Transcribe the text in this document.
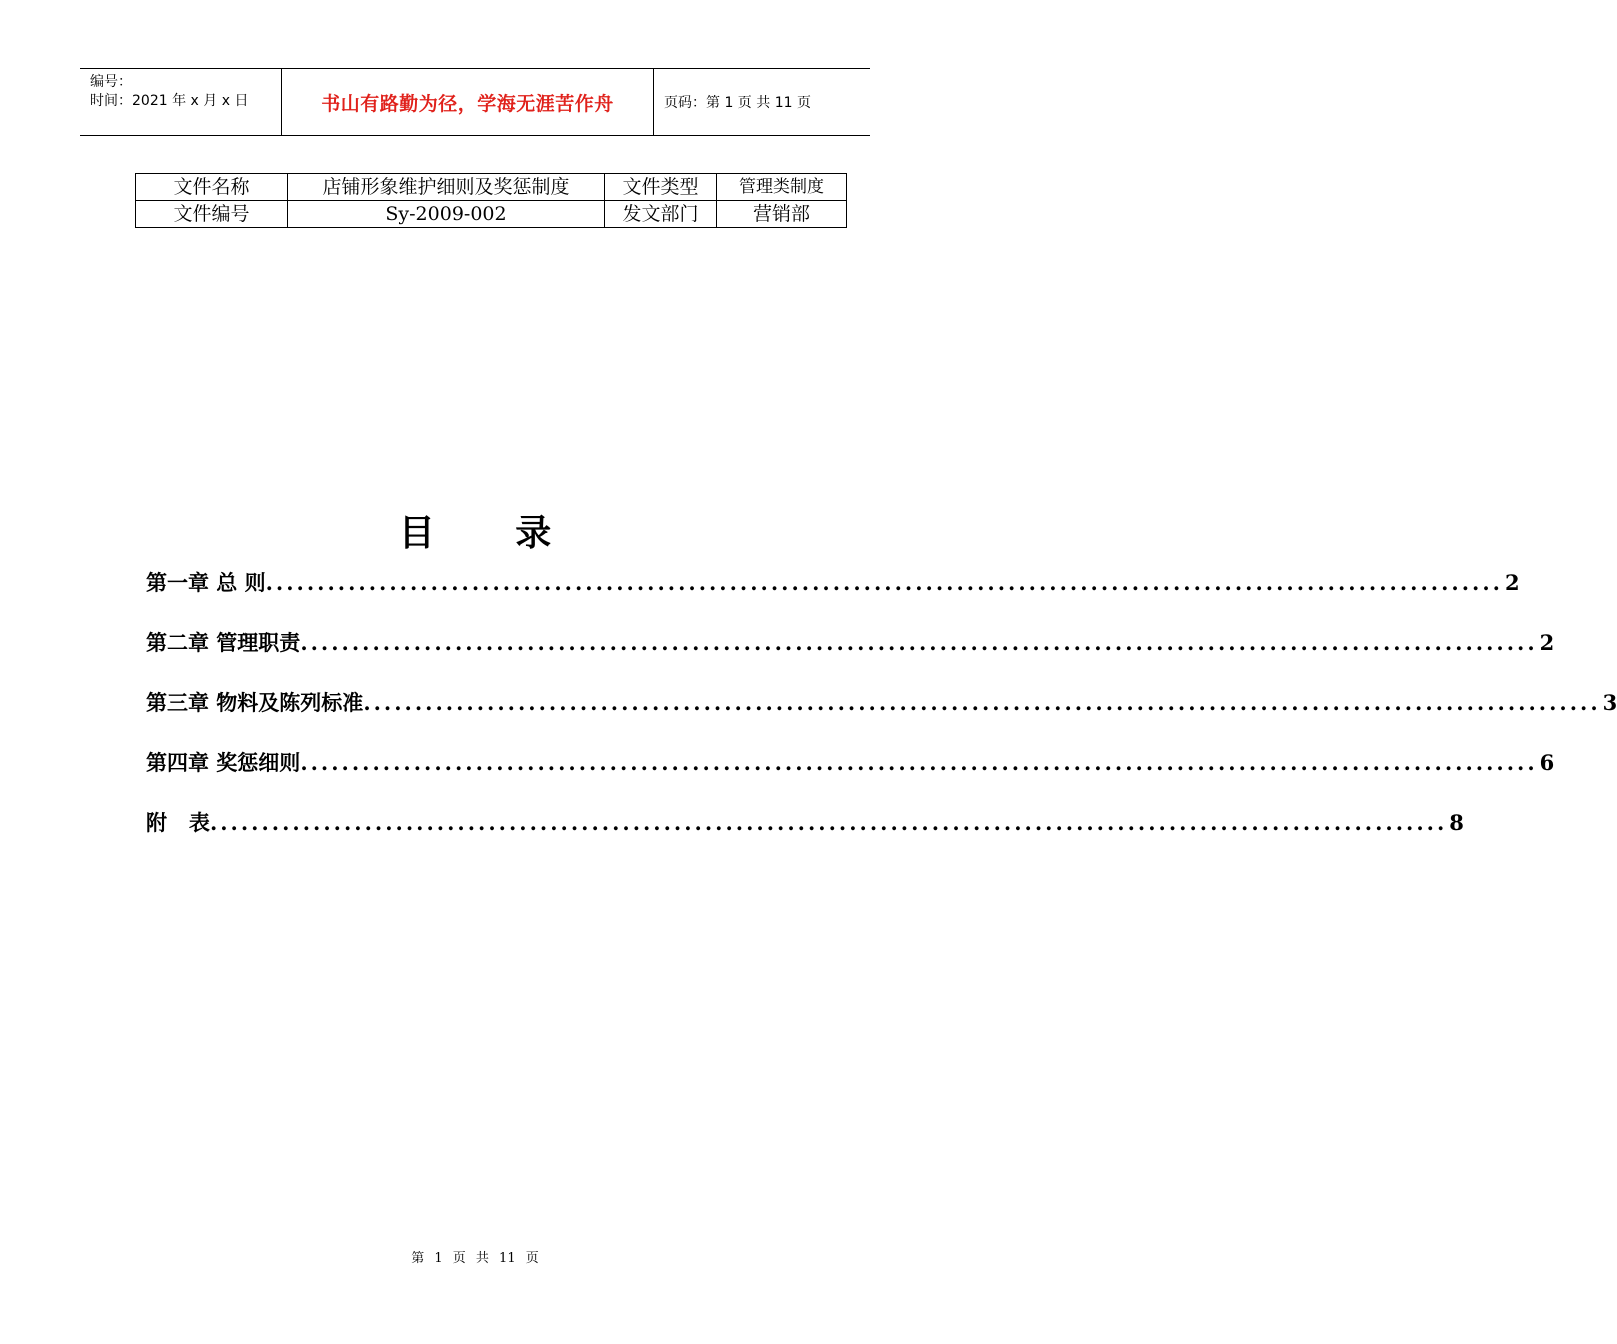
编号：
时间：2021 年 x 月 x 日	书山有路勤为径，学海无涯苦作舟	页码：第 1 页 共 11 页
文件名称	店铺形象维护细则及奖惩制度	文件类型	管理类制度
文件编号	Sy-2009-002	发文部门	营销部
目 录
第一章 总 则 ........................................................................................................................ 2
第二章 管理职责 ........................................................................................................................ 2
第三章 物料及陈列标准 ........................................................................................................................ 3
第四章 奖惩细则 ........................................................................................................................ 6
附   表 ........................................................................................................................ 8
第 1 页 共 11 页
